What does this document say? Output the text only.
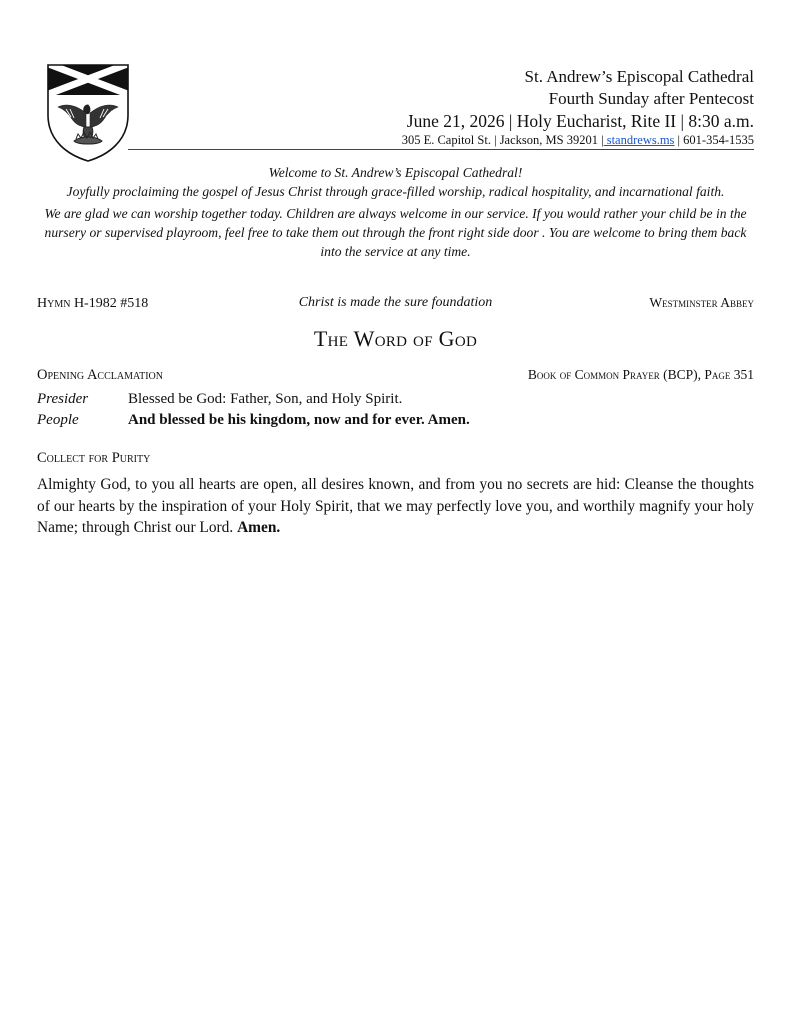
St. Andrew’s Episcopal Cathedral
Fourth Sunday after Pentecost
June 21, 2026 | Holy Eucharist, Rite II | 8:30 a.m.
305 E. Capitol St. | Jackson, MS 39201 | standrews.ms | 601-354-1535

Welcome to St. Andrew’s Episcopal Cathedral!

Joyfully proclaiming the gospel of Jesus Christ through grace-filled worship, radical hospitality, and incarnational faith.

We are glad we can worship together today. Children are always welcome in our service. If you would rather your child be in the nursery or supervised playroom, feel free to take them out through the front right side door . You are welcome to bring them back into the service at any time.

Hymn H-1982 #518	Christ is made the sure foundation	Westminster Abbey
The Word of God
Opening Acclamation	Book of Common Prayer (BCP), Page 351
Presider	Blessed be God: Father, Son, and Holy Spirit.
People	And blessed be his kingdom, now and for ever. Amen.
Collect for Purity
Almighty God, to you all hearts are open, all desires known, and from you no secrets are hid: Cleanse the thoughts of our hearts by the inspiration of your Holy Spirit, that we may perfectly love you, and worthily magnify your holy Name; through Christ our Lord. Amen.
